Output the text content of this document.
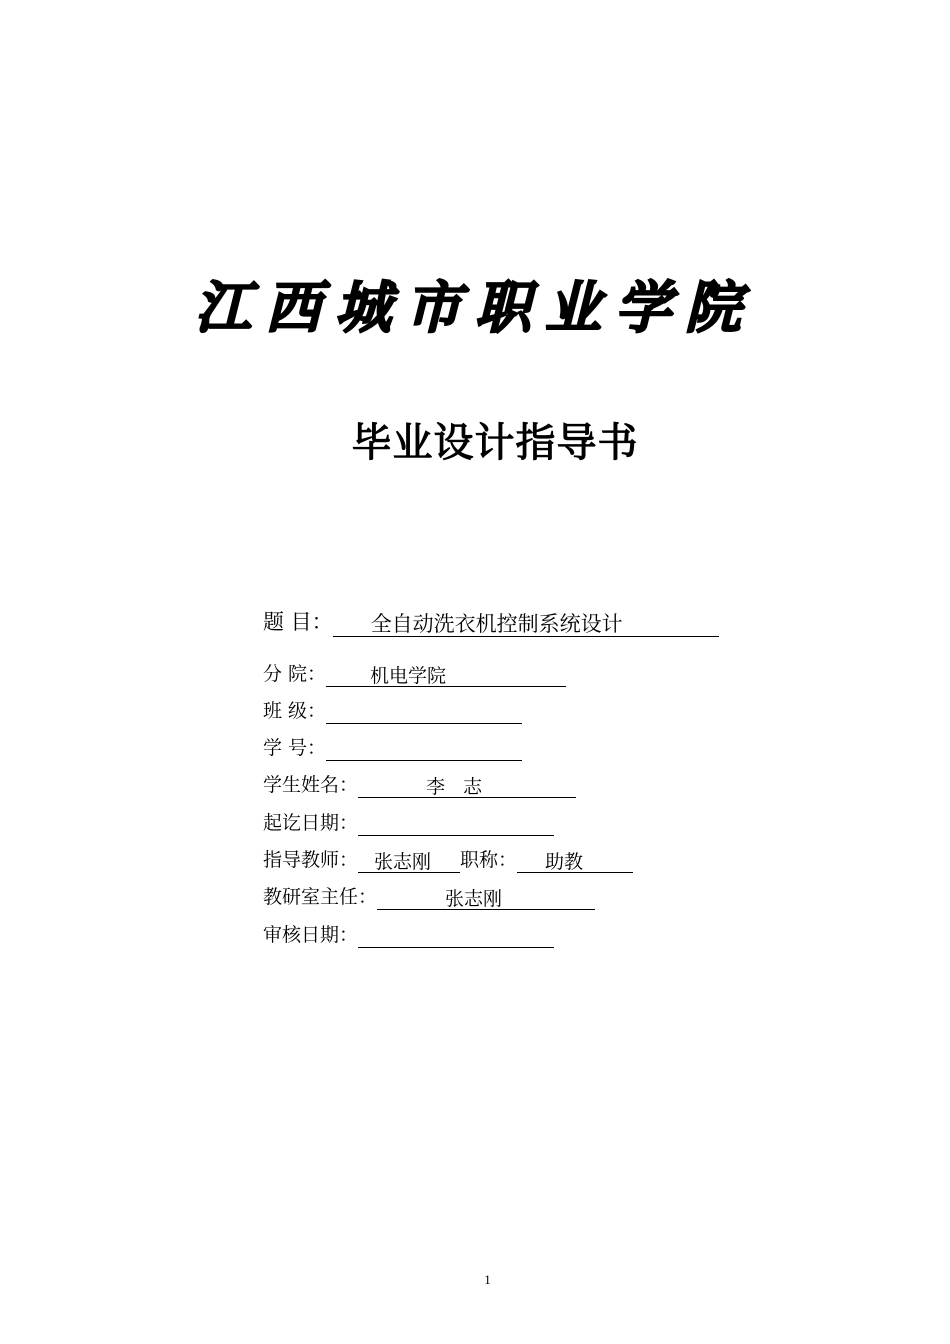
江西城市职业学院
毕业设计指导书
题 目： 全自动洗衣机控制系统设计
分 院： 机电学院
班 级：
学 号：
学生姓名：	李   志
起讫日期：
指导教师： 张志刚 职称： 助教
教研室主任：	张志刚
审核日期：
1
